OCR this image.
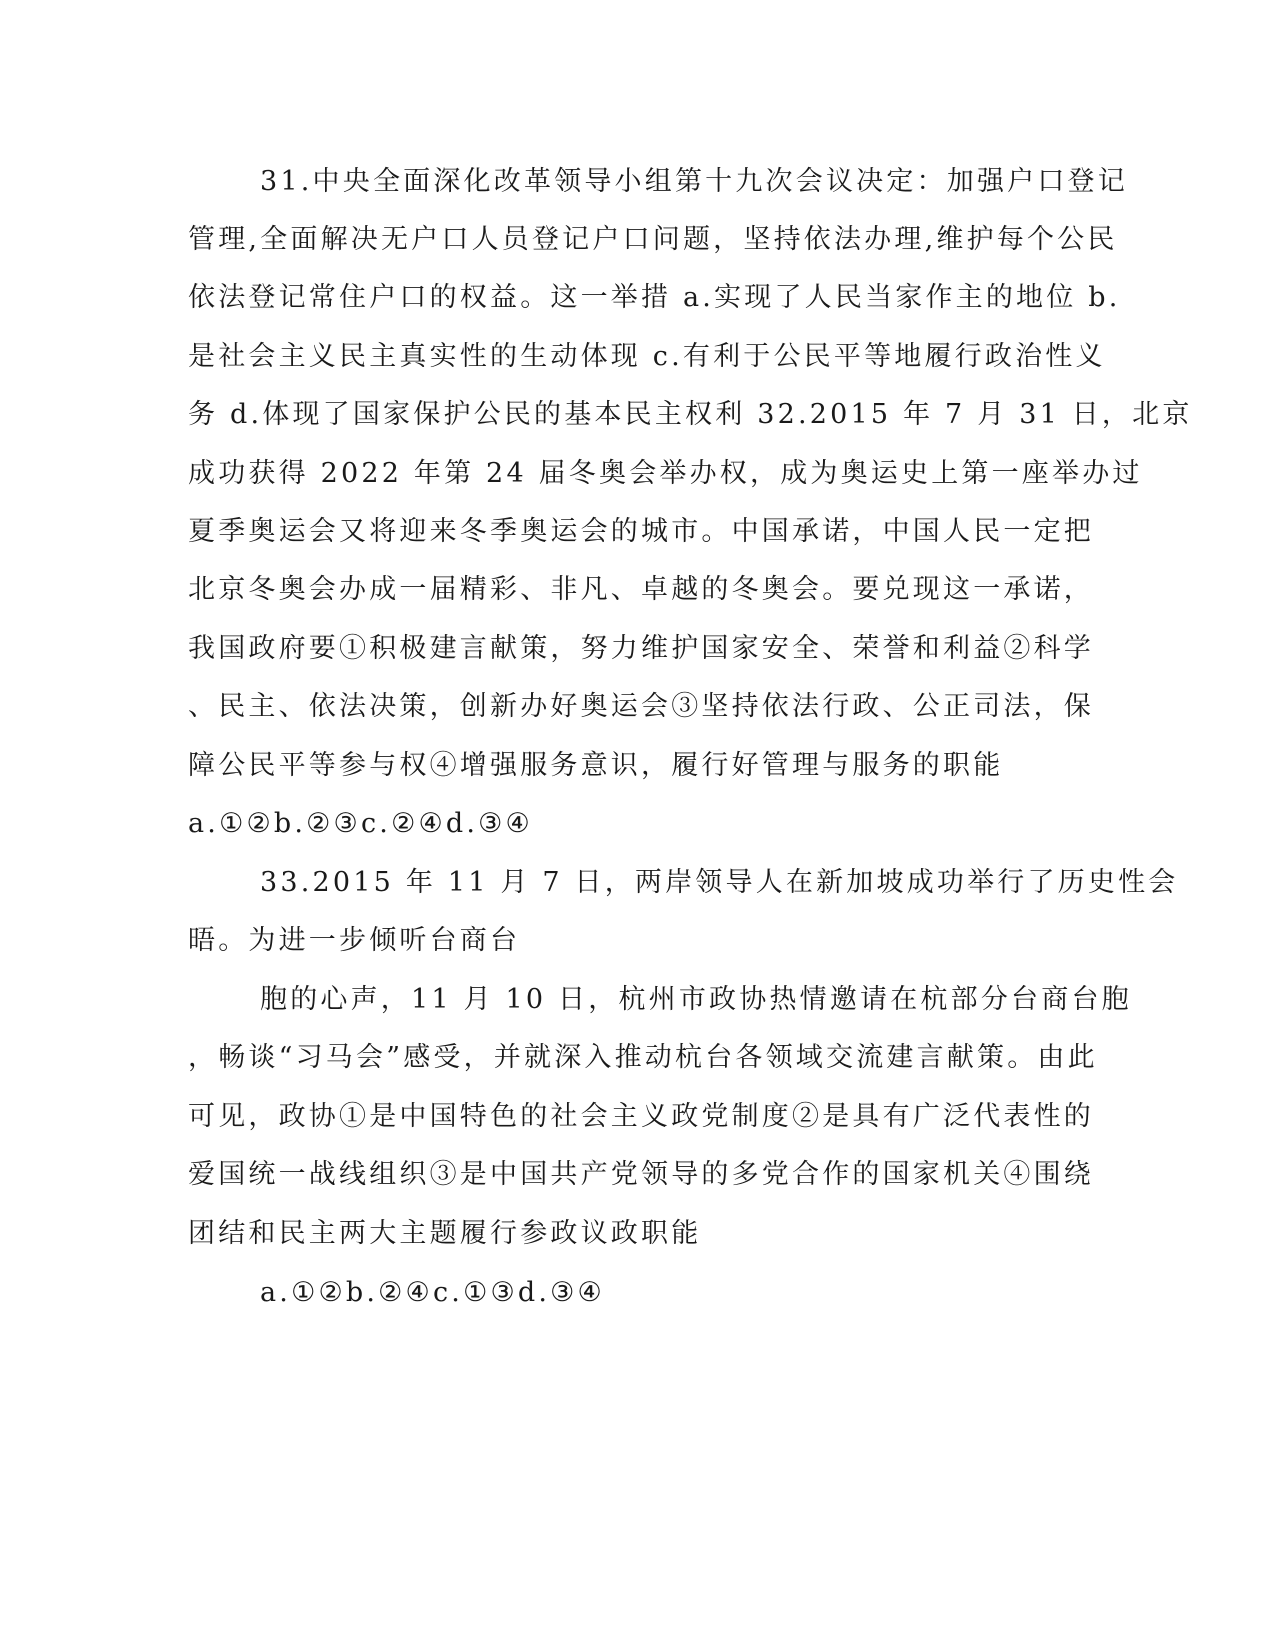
31.中央全面深化改革领导小组第十九次会议决定：加强户口登记
管理,全面解决无户口人员登记户口问题，坚持依法办理,维护每个公民
依法登记常住户口的权益。这一举措 a.实现了人民当家作主的地位 b.
是社会主义民主真实性的生动体现 c.有利于公民平等地履行政治性义
务 d.体现了国家保护公民的基本民主权利 32.2015 年 7 月 31 日，北京
成功获得 2022 年第 24 届冬奥会举办权，成为奥运史上第一座举办过
夏季奥运会又将迎来冬季奥运会的城市。中国承诺，中国人民一定把
北京冬奥会办成一届精彩、非凡、卓越的冬奥会。要兑现这一承诺，
我国政府要①积极建言献策，努力维护国家安全、荣誉和利益②科学
、民主、依法决策，创新办好奥运会③坚持依法行政、公正司法，保
障公民平等参与权④增强服务意识，履行好管理与服务的职能
a.①②b.②③c.②④d.③④
33.2015 年 11 月 7 日，两岸领导人在新加坡成功举行了历史性会
晤。为进一步倾听台商台
胞的心声，11 月 10 日，杭州市政协热情邀请在杭部分台商台胞
，畅谈“习马会”感受，并就深入推动杭台各领域交流建言献策。由此
可见，政协①是中国特色的社会主义政党制度②是具有广泛代表性的
爱国统一战线组织③是中国共产党领导的多党合作的国家机关④围绕
团结和民主两大主题履行参政议政职能
a.①②b.②④c.①③d.③④
